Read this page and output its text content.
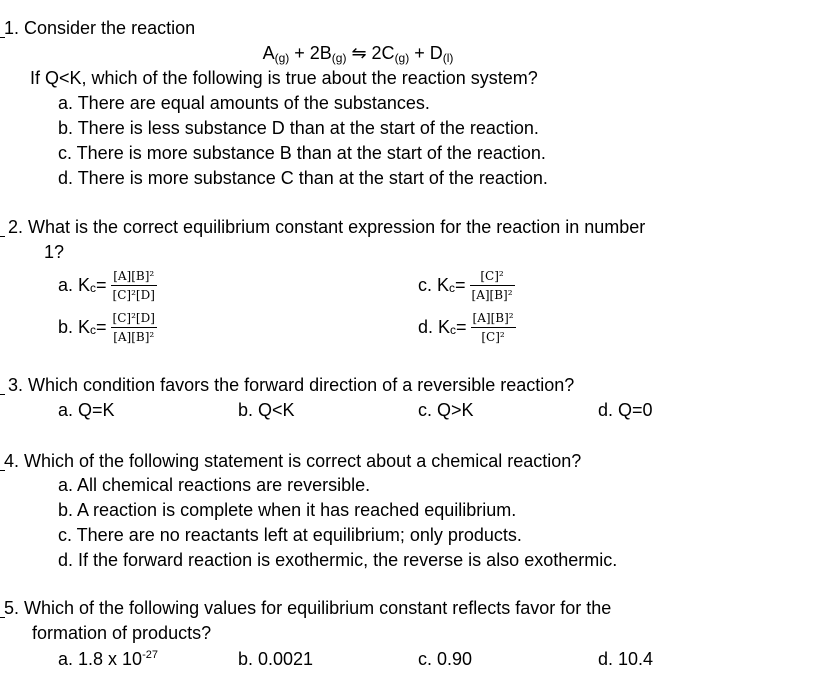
1. Consider the reaction
A(g) + 2B(g) ⇋ 2C(g) + D(l)
If Q<K, which of the following is true about the reaction system?
a. There are equal amounts of the substances.
b. There is less substance D than at the start of the reaction.
c. There is more substance B than at the start of the reaction.
d. There is more substance C than at the start of the reaction.
2. What is the correct equilibrium constant expression for the reaction in number
1?
a. K $c = \frac{\text{[A][B]²}}{\text{[C]²[D]}}$
b. K $c = \frac{\text{[C]²[D]}}{\text{[A][B]²}}$
c. K $c = \frac{\text{[C]²}}{\text{[A][B]²}}$
d. K $c = \frac{\text{[A][B]²}}{\text{[C]²}}$
3. Which condition favors the forward direction of a reversible reaction?
a. Q=K	b. Q<K	c. Q>K	d. Q=0
4. Which of the following statement is correct about a chemical reaction?
a. All chemical reactions are reversible.
b. A reaction is complete when it has reached equilibrium.
c. There are no reactants left at equilibrium; only products.
d. If the forward reaction is exothermic, the reverse is also exothermic.
5. Which of the following values for equilibrium constant reflects favor for the
formation of products?
a. 1.8 x $10^{-27}$	b. 0.0021	c. 0.90	d. 10.4
